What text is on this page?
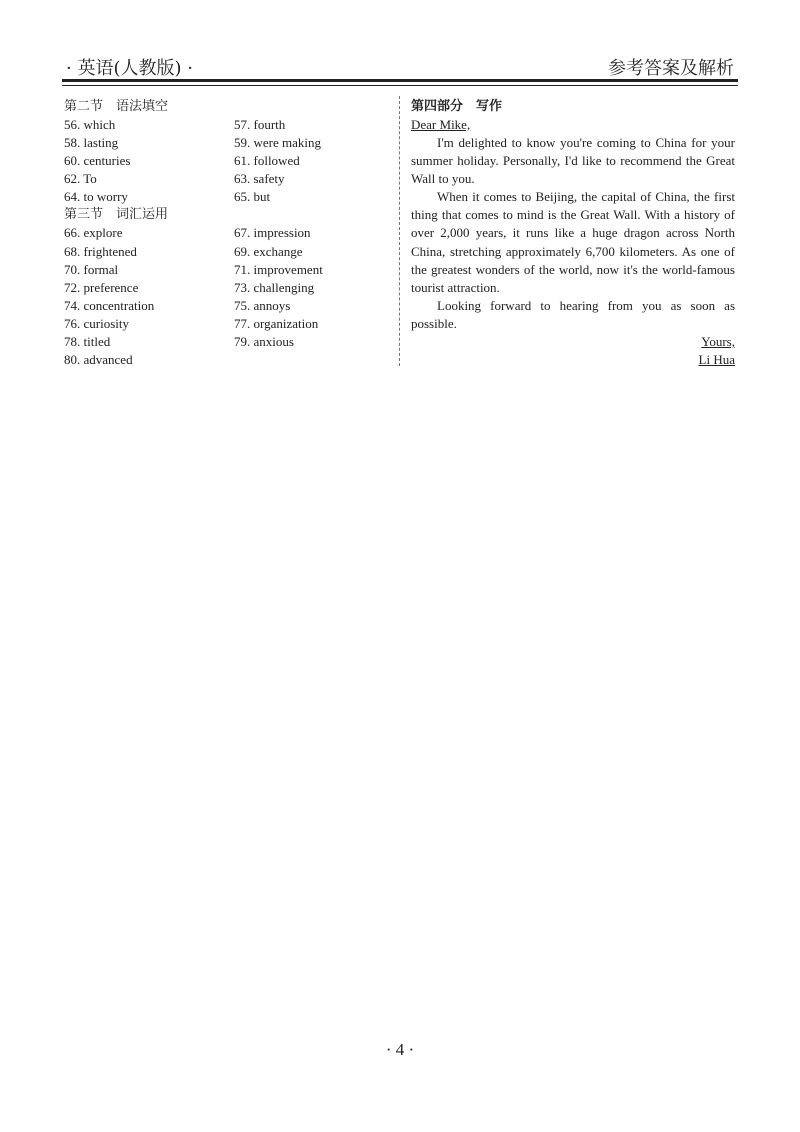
· 英语(人教版) ·	参考答案及解析
第二节　语法填空
56. which	57. fourth
58. lasting	59. were making
60. centuries	61. followed
62. To	63. safety
64. to worry	65. but
第三节　词汇运用
66. explore	67. impression
68. frightened	69. exchange
70. formal	71. improvement
72. preference	73. challenging
74. concentration	75. annoys
76. curiosity	77. organization
78. titled	79. anxious
80. advanced
第四部分　写作
Dear Mike,

I'm delighted to know you're coming to China for your summer holiday. Personally, I'd like to recommend the Great Wall to you.

When it comes to Beijing, the capital of China, the first thing that comes to mind is the Great Wall. With a history of over 2,000 years, it runs like a huge dragon across North China, stretching approximately 6,700 kilometers. As one of the greatest wonders of the world, now it's the world-famous tourist attraction.

Looking forward to hearing from you as soon as possible.

Yours,
Li Hua
· 4 ·
